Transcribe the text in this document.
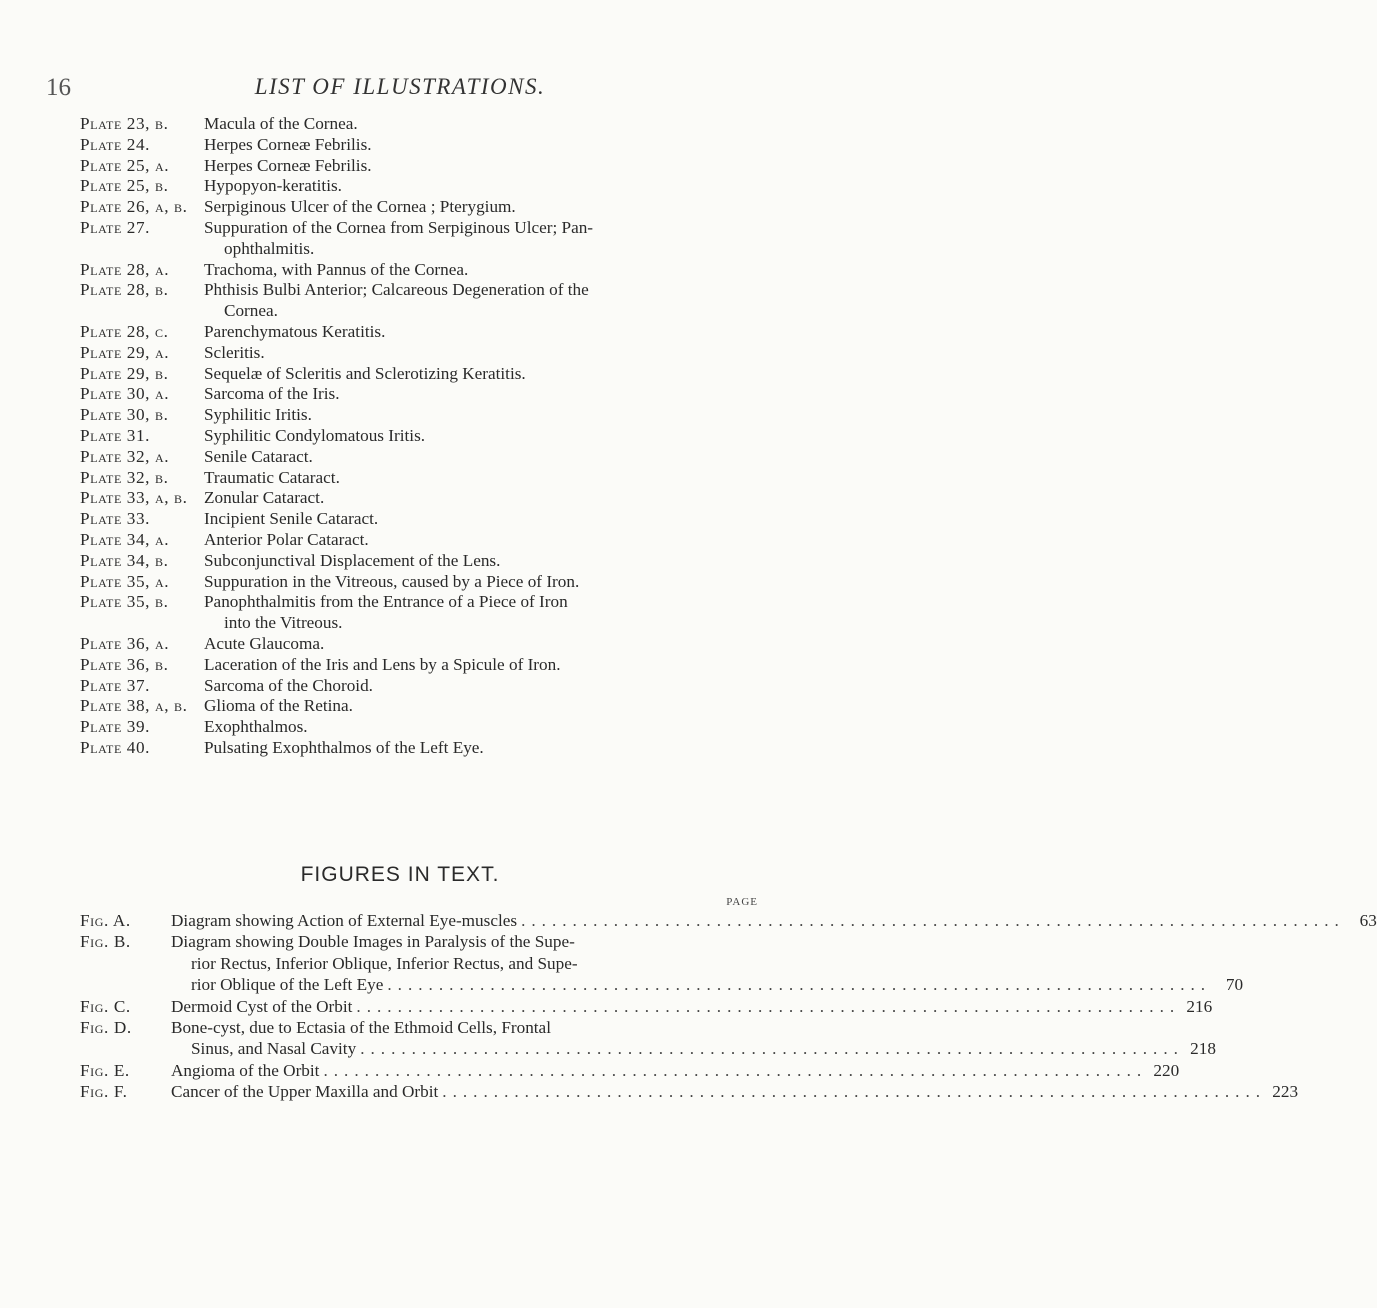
16	LIST OF ILLUSTRATIONS.
Plate 23, b.	Macula of the Cornea.
Plate 24.	Herpes Corneæ Febrilis.
Plate 25, a.	Herpes Corneæ Febrilis.
Plate 25, b.	Hypopyon-keratitis.
Plate 26, a, b. Serpiginous Ulcer of the Cornea ; Pterygium.
Plate 27.	Suppuration of the Cornea from Serpiginous Ulcer; Pan-
ophthalmitis.
Plate 28, a.	Trachoma, with Pannus of the Cornea.
Plate 28, b.	Phthisis Bulbi Anterior; Calcareous Degeneration of the
Cornea.
Plate 28, c.	Parenchymatous Keratitis.
Plate 29, a.	Scleritis.
Plate 29, b.	Sequelæ of Scleritis and Sclerotizing Keratitis.
Plate 30, a.	Sarcoma of the Iris.
Plate 30, b.	Syphilitic Iritis.
Plate 31.	Syphilitic Condylomatous Iritis.
Plate 32, a.	Senile Cataract.
Plate 32, b.	Traumatic Cataract.
Plate 33, a, b. Zonular Cataract.
Plate 33.	Incipient Senile Cataract.
Plate 34, a.	Anterior Polar Cataract.
Plate 34, b.	Subconjunctival Displacement of the Lens.
Plate 35, a.	Suppuration in the Vitreous, caused by a Piece of Iron.
Plate 35, b.	Panophthalmitis from the Entrance of a Piece of Iron
into the Vitreous.
Plate 36, a.	Acute Glaucoma.
Plate 36, b.	Laceration of the Iris and Lens by a Spicule of Iron.
Plate 37.	Sarcoma of the Choroid.
Plate 38, a, b. Glioma of the Retina.
Plate 39.	Exophthalmos.
Plate 40.	Pulsating Exophthalmos of the Left Eye.
FIGURES IN TEXT.
PAGE
Fig. A.	Diagram showing Action of External Eye-muscles ................................................................................ 63
Fig. B.	Diagram showing Double Images in Paralysis of the Supe-
rior Rectus, Inferior Oblique, Inferior Rectus, and Supe-
rior Oblique of the Left Eye ................................................................................ 70
Fig. C.	Dermoid Cyst of the Orbit ................................................................................ 216
Fig. D.	Bone-cyst, due to Ectasia of the Ethmoid Cells, Frontal
Sinus, and Nasal Cavity ................................................................................ 218
Fig. E.	Angioma of the Orbit ................................................................................ 220
Fig. F.	Cancer of the Upper Maxilla and Orbit ................................................................................ 223
